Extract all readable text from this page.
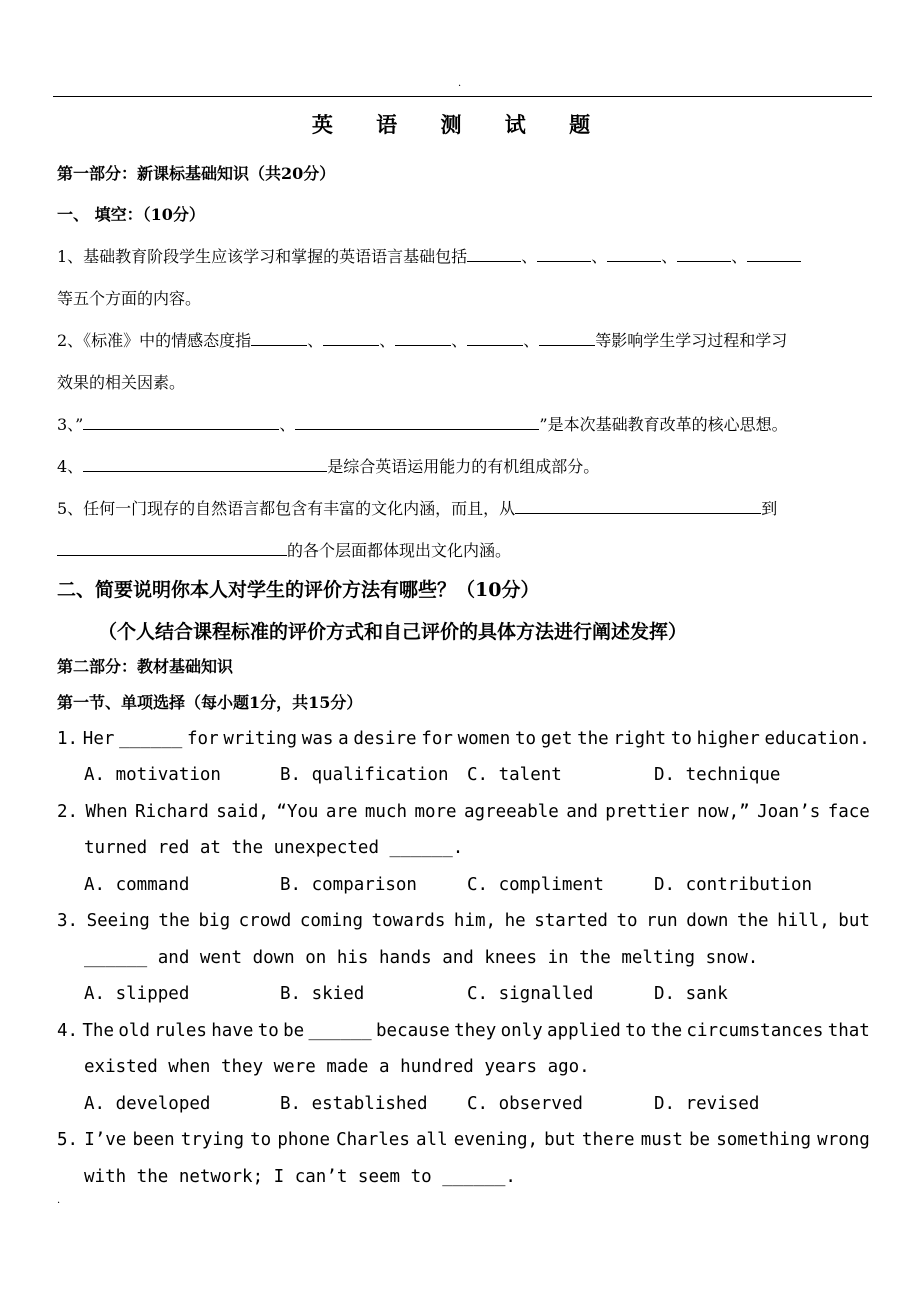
·
英 语 测 试 题
第一部分：新课标基础知识（共20分）
一、 填空：（10分）
1、基础教育阶段学生应该学习和掌握的英语语言基础包括	、	、	、	、
等五个方面的内容。
2、《标准》中的情感态度指	、	、	、	、	等影响学生学习过程和学习
效果的相关因素。
3、”	、	”是本次基础教育改革的核心思想。
4、	是综合英语运用能力的有机组成部分。
5、任何一门现存的自然语言都包含有丰富的文化内涵，而且，从	到
的各个层面都体现出文化内涵。
二、简要说明你本人对学生的评价方法有哪些？（10分）
（个人结合课程标准的评价方式和自己评价的具体方法进行阐述发挥）
第二部分：教材基础知识
第一节、单项选择（每小题1分，共15分）
1. Her ______ for writing was a desire for women to get the right to higher education.
A. motivation	B. qualification C. talent	D. technique
2. When Richard said, “You are much more agreeable and prettier now,” Joan’s face
turned red at the unexpected ______.
A. command	B. comparison	C. compliment	D. contribution
3. Seeing the big crowd coming towards him, he started to run down the hill, but
______ and went down on his hands and knees in the melting snow.
A. slipped	B. skied	C. signalled	D. sank
4. The old rules have to be ______ because they only applied to the circumstances that
existed when they were made a hundred years ago.
A. developed	B. established C. observed	D. revised
5. I’ve been trying to phone Charles all evening, but there must be something wrong
with the network; I can’t seem to ______.
·
